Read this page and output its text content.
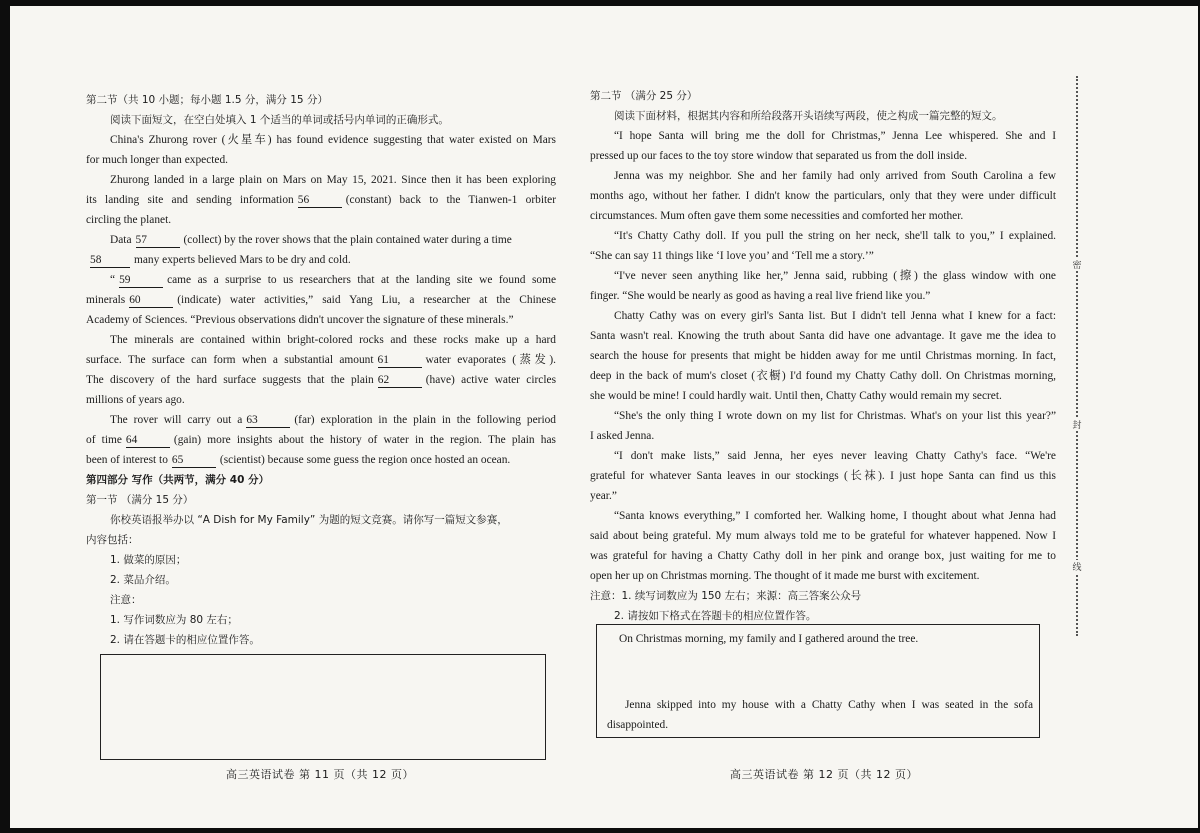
第二节（共 10 小题；每小题 1.5 分，满分 15 分）
阅读下面短文，在空白处填入 1 个适当的单词或括号内单词的正确形式。
China's Zhurong rover (火星车) has found evidence suggesting that water existed on Mars
for much longer than expected.
Zhurong landed in a large plain on Mars on May 15, 2021. Since then it has been exploring
its landing site and sending information 56	(constant) back to the Tianwen-1 orbiter
circling the planet.
Data 57	(collect) by the rover shows that the plain contained water during a time
58	many experts believed Mars to be dry and cold.
“ 59	came as a surprise to us researchers that at the landing site we found some
minerals 60	(indicate) water activities,” said Yang Liu, a researcher at the Chinese
Academy of Sciences. “Previous observations didn't uncover the signature of these minerals.”
The minerals are contained within bright-colored rocks and these rocks make up a hard
surface. The surface can form when a substantial amount 61	water evaporates (蒸发).
The discovery of the hard surface suggests that the plain 62	(have) active water circles
millions of years ago.
The rover will carry out a 63	(far) exploration in the plain in the following period
of time 64	(gain) more insights about the history of water in the region. The plain has
been of interest to 65	(scientist) because some guess the region once hosted an ocean.
第四部分 写作（共两节，满分 40 分）
第一节 （满分 15 分）
你校英语报举办以 “A Dish for My Family” 为题的短文竞赛。请你写一篇短文参赛，
内容包括：
1. 做菜的原因；
2. 菜品介绍。
注意：
1. 写作词数应为 80 左右；
2. 请在答题卡的相应位置作答。
第二节 （满分 25 分）
阅读下面材料，根据其内容和所给段落开头语续写两段，使之构成一篇完整的短文。
“I hope Santa will bring me the doll for Christmas,” Jenna Lee whispered. She and I
pressed up our faces to the toy store window that separated us from the doll inside.
Jenna was my neighbor. She and her family had only arrived from South Carolina a few
months ago, without her father. I didn't know the particulars, only that they were under difficult
circumstances. Mum often gave them some necessities and comforted her mother.
“It's Chatty Cathy doll. If you pull the string on her neck, she'll talk to you,” I explained.
“She can say 11 things like ‘I love you’ and ‘Tell me a story.’”
“I've never seen anything like her,” Jenna said, rubbing (擦) the glass window with one
finger. “She would be nearly as good as having a real live friend like you.”
Chatty Cathy was on every girl's Santa list. But I didn't tell Jenna what I knew for a fact:
Santa wasn't real. Knowing the truth about Santa did have one advantage. It gave me the idea to
search the house for presents that might be hidden away for me until Christmas morning. In fact,
deep in the back of mum's closet (衣橱) I'd found my Chatty Cathy doll. On Christmas morning,
she would be mine! I could hardly wait. Until then, Chatty Cathy would remain my secret.
“She's the only thing I wrote down on my list for Christmas. What's on your list this year?”
I asked Jenna.
“I don't make lists,” said Jenna, her eyes never leaving Chatty Cathy's face. “We're
grateful for whatever Santa leaves in our stockings (长袜). I just hope Santa can find us this
year.”
“Santa knows everything,” I comforted her. Walking home, I thought about what Jenna had
said about being grateful. My mum always told me to be grateful for whatever happened. Now I
was grateful for having a Chatty Cathy doll in her pink and orange box, just waiting for me to
open her up on Christmas morning. The thought of it made me burst with excitement.
注意：1. 续写词数应为 150 左右；来源：高三答案公众号
2. 请按如下格式在答题卡的相应位置作答。
On Christmas morning, my family and I gathered around the tree.
Jenna skipped into my house with a Chatty Cathy when I was seated in the sofa
disappointed.
高三英语试卷 第 11 页（共 12 页）	高三英语试卷 第 12 页（共 12 页）
密
封
线
